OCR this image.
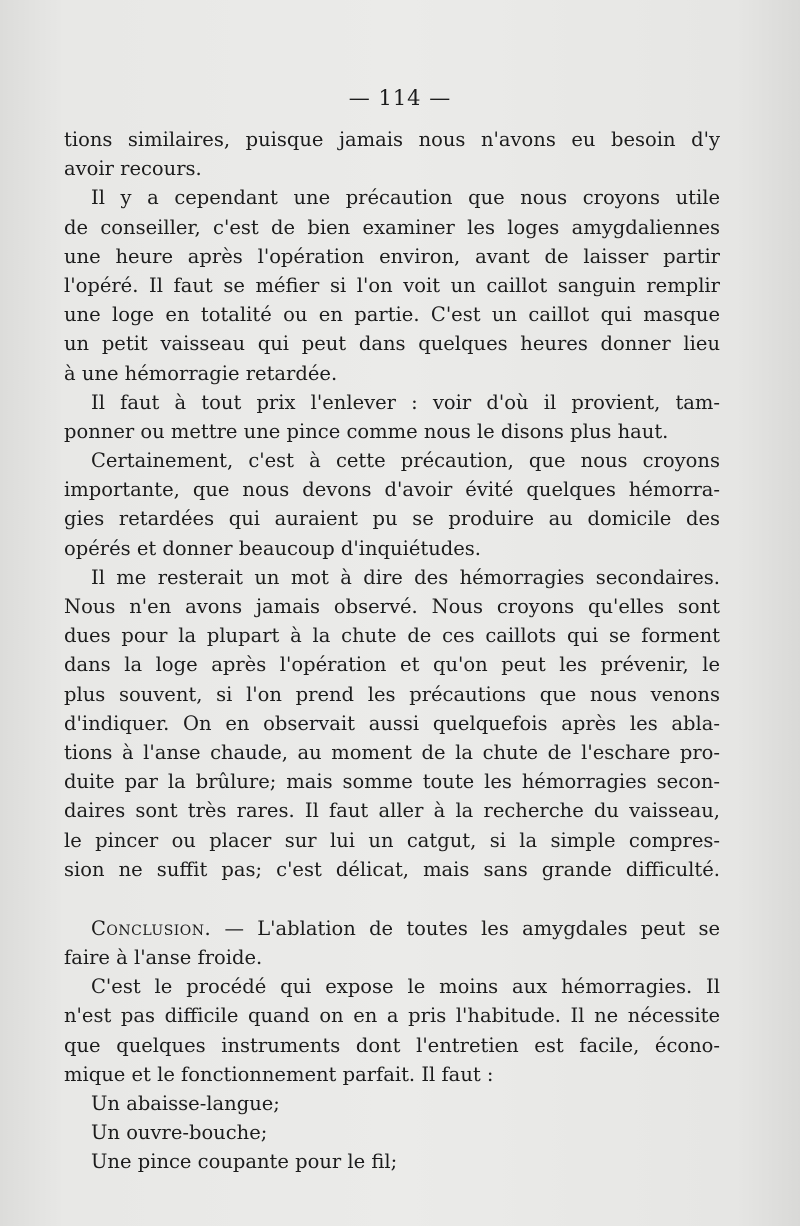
— 114 —
tions similaires, puisque jamais nous n'avons eu besoin d'y
avoir recours.
Il y a cependant une précaution que nous croyons utile
de conseiller, c'est de bien examiner les loges amygdaliennes
une heure après l'opération environ, avant de laisser partir
l'opéré. Il faut se méfier si l'on voit un caillot sanguin remplir
une loge en totalité ou en partie. C'est un caillot qui masque
un petit vaisseau qui peut dans quelques heures donner lieu
à une hémorragie retardée.
Il faut à tout prix l'enlever : voir d'où il provient, tam-
ponner ou mettre une pince comme nous le disons plus haut.
Certainement, c'est à cette précaution, que nous croyons
importante, que nous devons d'avoir évité quelques hémorra-
gies retardées qui auraient pu se produire au domicile des
opérés et donner beaucoup d'inquiétudes.
Il me resterait un mot à dire des hémorragies secondaires.
Nous n'en avons jamais observé. Nous croyons qu'elles sont
dues pour la plupart à la chute de ces caillots qui se forment
dans la loge après l'opération et qu'on peut les prévenir, le
plus souvent, si l'on prend les précautions que nous venons
d'indiquer. On en observait aussi quelquefois après les abla-
tions à l'anse chaude, au moment de la chute de l'eschare pro-
duite par la brûlure; mais somme toute les hémorragies secon-
daires sont très rares. Il faut aller à la recherche du vaisseau,
le pincer ou placer sur lui un catgut, si la simple compres-
sion ne suffit pas; c'est délicat, mais sans grande difficulté.
Conclusion. — L'ablation de toutes les amygdales peut se
faire à l'anse froide.
C'est le procédé qui expose le moins aux hémorragies. Il
n'est pas difficile quand on en a pris l'habitude. Il ne nécessite
que quelques instruments dont l'entretien est facile, écono-
mique et le fonctionnement parfait. Il faut :
Un abaisse-langue;
Un ouvre-bouche;
Une pince coupante pour le fil;
